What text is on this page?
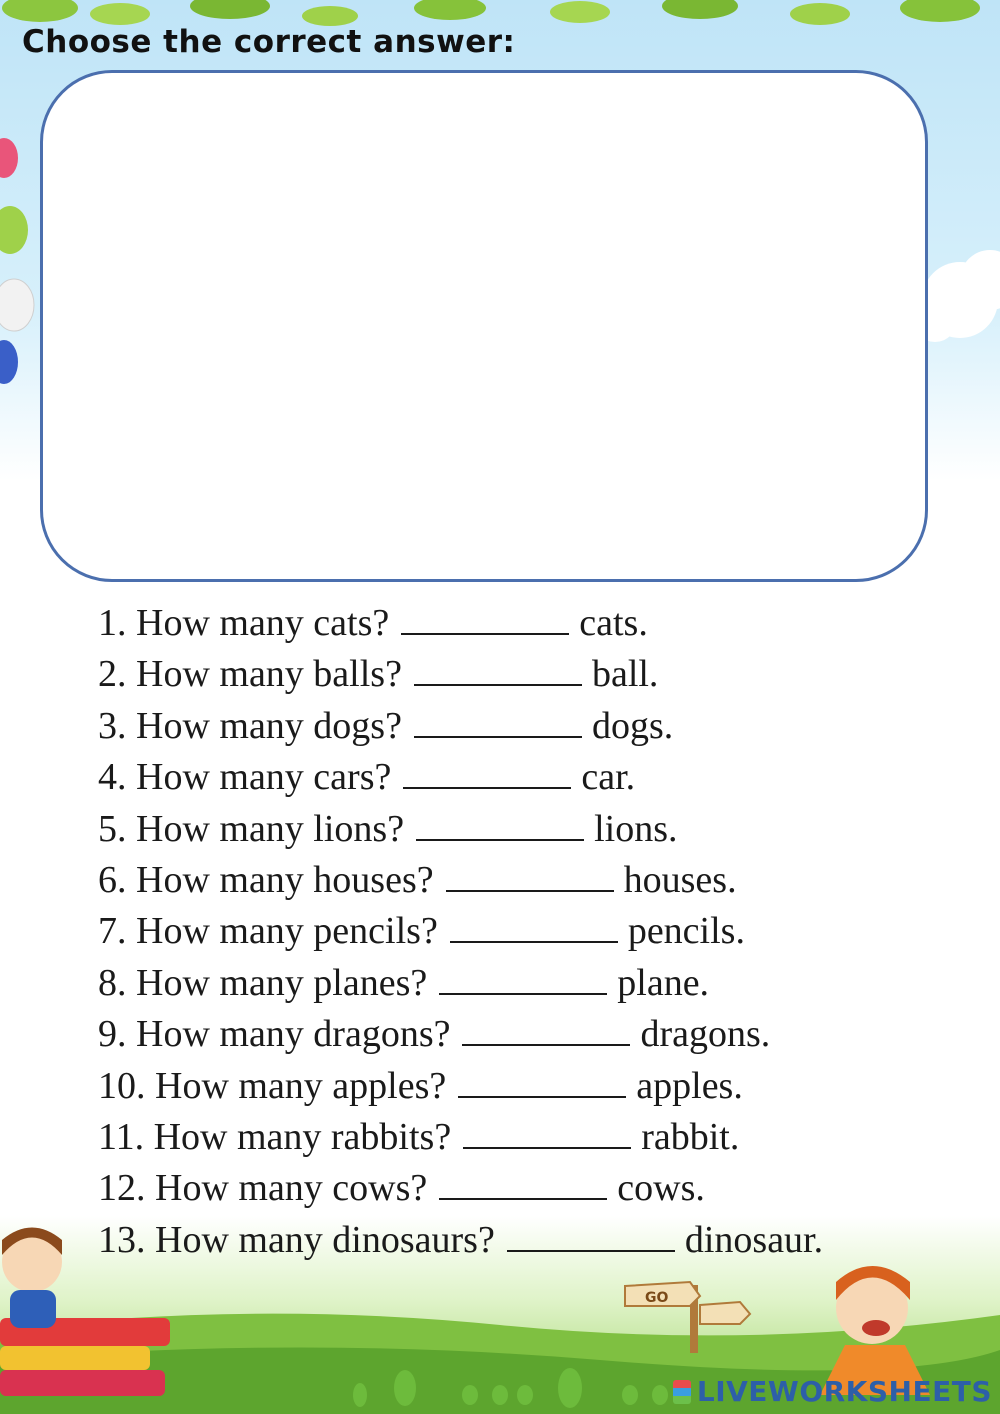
GO
Choose the correct answer:
1. How many cats?	cats.
2. How many balls?	ball.
3. How many dogs?	dogs.
4. How many cars?	car.
5. How many lions?	lions.
6. How many houses?	houses.
7. How many pencils?	pencils.
8. How many planes?	plane.
9. How many dragons?	dragons.
10. How many apples?	apples.
11. How many rabbits?	rabbit.
12. How many cows?	cows.
13. How many dinosaurs?	dinosaur.
LIVEWORKSHEETS
